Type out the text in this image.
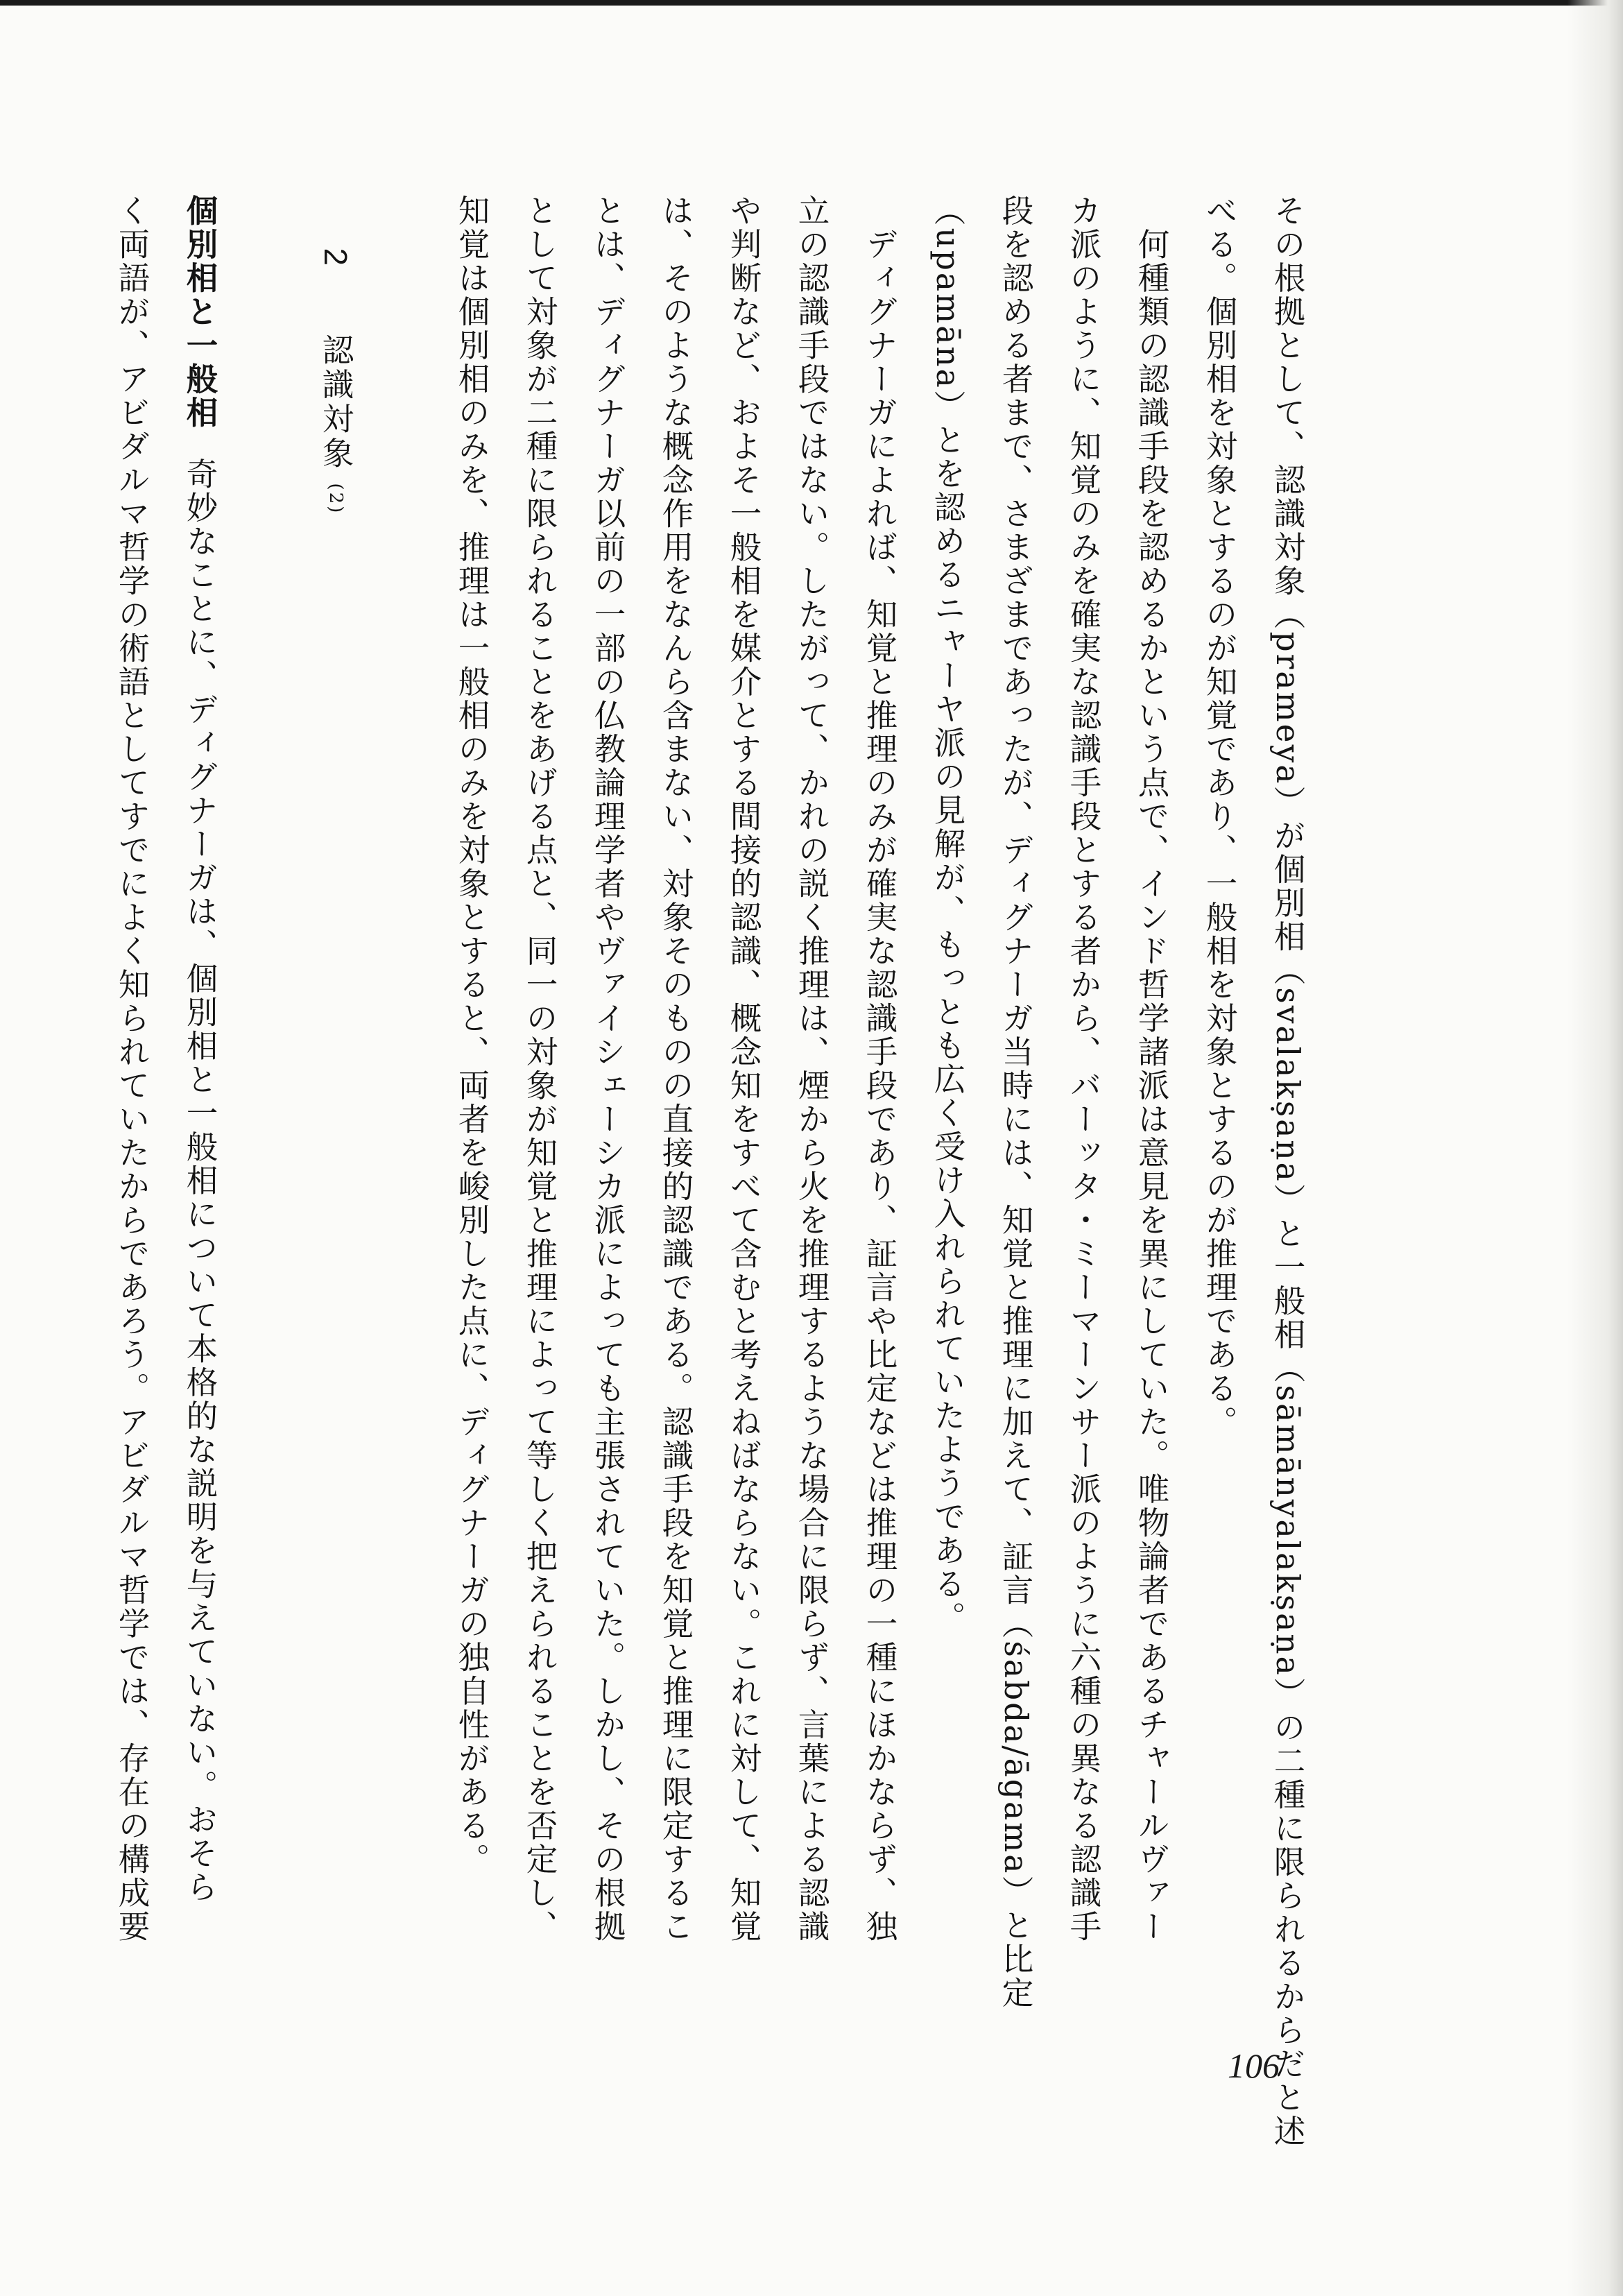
その根拠として、認識対象（prameya）が個別相（svalakṣaṇa）と一般相（sāmānyalakṣaṇa）の二種に限られるからだと述
べる。個別相を対象とするのが知覚であり、一般相を対象とするのが推理である。
　何種類の認識手段を認めるかという点で、インド哲学諸派は意見を異にしていた。唯物論者であるチャールヴァー
カ派のように、知覚のみを確実な認識手段とする者から、バーッタ・ミーマーンサー派のように六種の異なる認識手
段を認める者まで、さまざまであったが、ディグナーガ当時には、知覚と推理に加えて、証言（śabda/āgama）と比定
（upamāna）とを認めるニャーヤ派の見解が、もっとも広く受け入れられていたようである。
　ディグナーガによれば、知覚と推理のみが確実な認識手段であり、証言や比定などは推理の一種にほかならず、独
立の認識手段ではない。したがって、かれの説く推理は、煙から火を推理するような場合に限らず、言葉による認識
や判断など、およそ一般相を媒介とする間接的認識、概念知をすべて含むと考えねばならない。これに対して、知覚
は、そのような概念作用をなんら含まない、対象そのものの直接的認識である。認識手段を知覚と推理に限定するこ
とは、ディグナーガ以前の一部の仏教論理学者やヴァイシェーシカ派によっても主張されていた。しかし、その根拠
として対象が二種に限られることをあげる点と、同一の対象が知覚と推理によって等しく把えられることを否定し、
知覚は個別相のみを、推理は一般相のみを対象とすると、両者を峻別した点に、ディグナーガの独自性がある。
2  認識対象 (2)
個別相と一般相奇妙なことに、ディグナーガは、個別相と一般相について本格的な説明を与えていない。おそら
く両語が、アビダルマ哲学の術語としてすでによく知られていたからであろう。アビダルマ哲学では、存在の構成要
106
